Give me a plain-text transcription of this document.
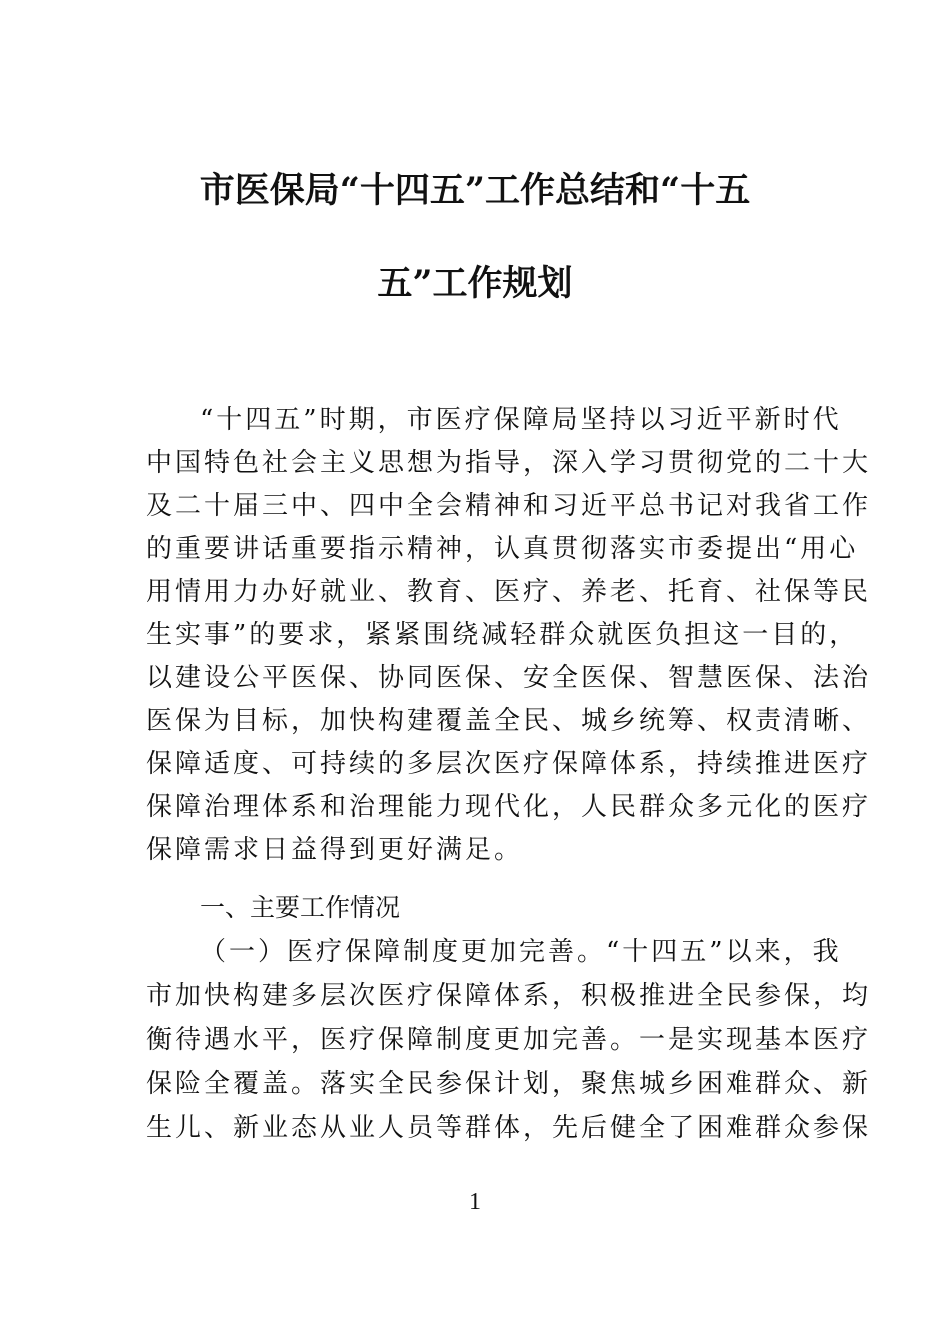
市医保局“十四五”工作总结和“十五
五”工作规划
“十四五”时期，市医疗保障局坚持以习近平新时代
中国特色社会主义思想为指导，深入学习贯彻党的二十大
及二十届三中、四中全会精神和习近平总书记对我省工作
的重要讲话重要指示精神，认真贯彻落实市委提出“用心
用情用力办好就业、教育、医疗、养老、托育、社保等民
生实事”的要求，紧紧围绕减轻群众就医负担这一目的，
以建设公平医保、协同医保、安全医保、智慧医保、法治
医保为目标，加快构建覆盖全民、城乡统筹、权责清晰、
保障适度、可持续的多层次医疗保障体系，持续推进医疗
保障治理体系和治理能力现代化，人民群众多元化的医疗
保障需求日益得到更好满足。
一、主要工作情况
（一）医疗保障制度更加完善。“十四五”以来，我
市加快构建多层次医疗保障体系，积极推进全民参保，均
衡待遇水平，医疗保障制度更加完善。一是实现基本医疗
保险全覆盖。落实全民参保计划，聚焦城乡困难群众、新
生儿、新业态从业人员等群体，先后健全了困难群众参保
1
